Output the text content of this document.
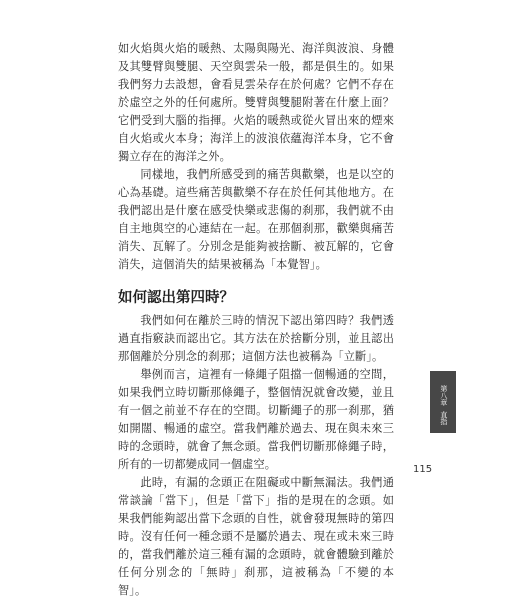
如火焰與火焰的暖熱、太陽與陽光、海洋與波浪、身體及其雙臂與雙腿、天空與雲朵一般，都是俱生的。如果我們努力去設想，會看見雲朵存在於何處？它們不存在於虛空之外的任何處所。雙臂與雙腿附著在什麼上面？它們受到大腦的指揮。火焰的暖熱或從火冒出來的煙來自火焰或火本身；海洋上的波浪依蘊海洋本身，它不會獨立存在的海洋之外。

同樣地，我們所感受到的痛苦與歡樂，也是以空的心為基礎。這些痛苦與歡樂不存在於任何其他地方。在我們認出是什麼在感受快樂或悲傷的刹那，我們就不由自主地與空的心連結在一起。在那個刹那，歡樂與痛苦消失、瓦解了。分別念是能夠被捨斷、被瓦解的，它會消失，這個消失的結果被稱為「本覺智」。

如何認出第四時？

我們如何在離於三時的情況下認出第四時？我們透過直指竅訣而認出它。其方法在於捨斷分別，並且認出那個離於分別念的刹那；這個方法也被稱為「立斷」。

舉例而言，這裡有一條繩子阻擋一個暢通的空間，如果我們立時切斷那條繩子，整個情況就會改變，並且有一個之前並不存在的空間。切斷繩子的那一刹那，猶如開闊、暢通的虛空。當我們離於過去、現在與未來三時的念頭時，就會了無念頭。當我們切斷那條繩子時，所有的一切都變成同一個虛空。

此時，有漏的念頭正在阻礙或中斷無漏法。我們通常談論「當下」，但是「當下」指的是現在的念頭。如果我們能夠認出當下念頭的自性，就會發現無時的第四時。沒有任何一種念頭不是屬於過去、現在或未來三時的，當我們離於這三種有漏的念頭時，就會體驗到離於任何分別念的「無時」刹那，這被稱為「不變的本智」。

第八章
直指
115
